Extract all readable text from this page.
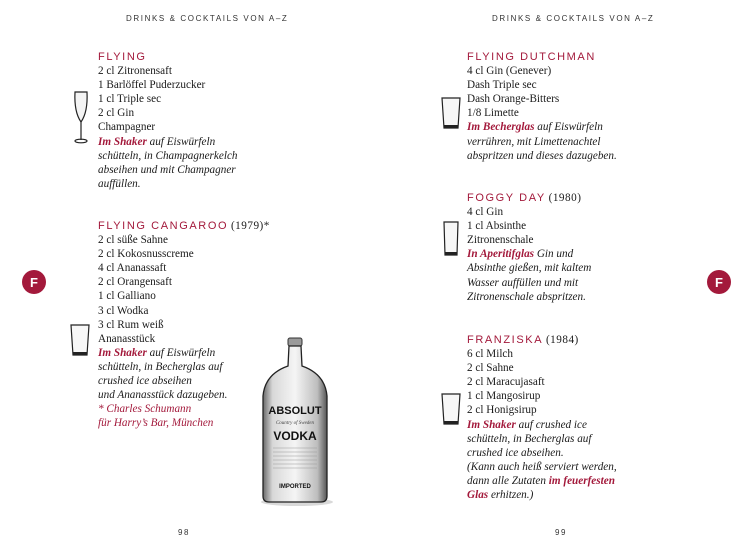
DRINKS & COCKTAILS VON A–Z	DRINKS & COCKTAILS VON A–Z
F	F
FLYING
2 cl Zitronensaft
1 Barlöffel Puderzucker
1 cl Triple sec
2 cl Gin
Champagner
Im Shaker auf Eiswürfeln
schütteln, in Champagnerkelch
abseihen und mit Champagner
auffüllen.
FLYING CANGAROO (1979)*
2 cl süße Sahne
2 cl Kokosnusscreme
4 cl Ananassaft
2 cl Orangensaft
1 cl Galliano
3 cl Wodka
3 cl Rum weiß
Ananasstück
Im Shaker auf Eiswürfeln
schütteln, in Becherglas auf
crushed ice abseihen
und Ananasstück dazugeben.
* Charles Schumann
für Harry’s Bar, München
ABSOLUT
Country of Sweden
VODKA
IMPORTED
98
FLYING DUTCHMAN
4 cl Gin (Genever)
Dash Triple sec
Dash Orange-Bitters
1/8 Limette
Im Becherglas auf Eiswürfeln
verrühren, mit Limettenachtel
abspritzen und dieses dazugeben.
FOGGY DAY (1980)
4 cl Gin
1 cl Absinthe
Zitronenschale
In Aperitifglas Gin und
Absinthe gießen, mit kaltem
Wasser auffüllen und mit
Zitronenschale abspritzen.
FRANZISKA (1984)
6 cl Milch
2 cl Sahne
2 cl Maracujasaft
1 cl Mangosirup
2 cl Honigsirup
Im Shaker auf crushed ice
schütteln, in Becherglas auf
crushed ice abseihen.
(Kann auch heiß serviert werden,
dann alle Zutaten im feuerfesten
Glas erhitzen.)
99
